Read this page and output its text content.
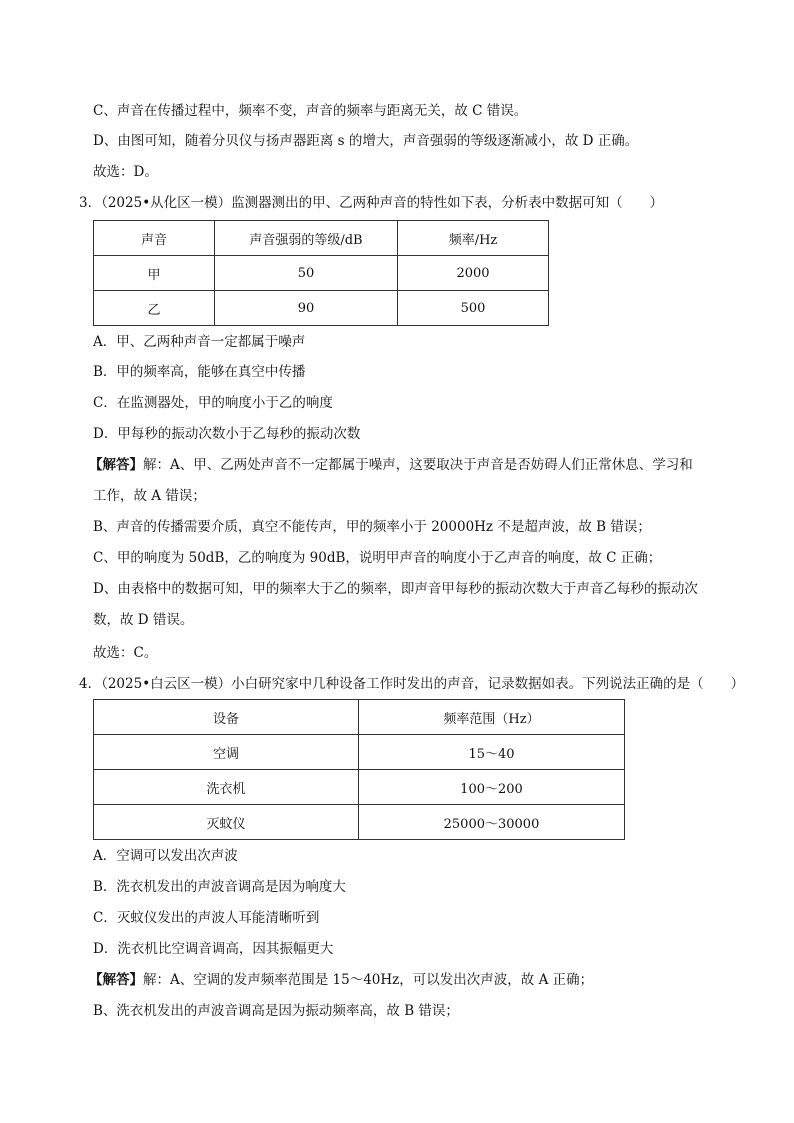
C、声音在传播过程中，频率不变，声音的频率与距离无关，故 C 错误。
D、由图可知，随着分贝仪与扬声器距离 s 的增大，声音强弱的等级逐渐减小，故 D 正确。
故选：D。
3．（2025•从化区一模）监测器测出的甲、乙两种声音的特性如下表，分析表中数据可知（　　）
声音	声音强弱的等级/dB	频率/Hz
甲	50	2000
乙	90	500
A．甲、乙两种声音一定都属于噪声
B．甲的频率高，能够在真空中传播
C．在监测器处，甲的响度小于乙的响度
D．甲每秒的振动次数小于乙每秒的振动次数
【解答】解：A、甲、乙两处声音不一定都属于噪声，这要取决于声音是否妨碍人们正常休息、学习和
工作，故 A 错误；
B、声音的传播需要介质，真空不能传声，甲的频率小于 20000Hz 不是超声波，故 B 错误；
C、甲的响度为 50dB，乙的响度为 90dB，说明甲声音的响度小于乙声音的响度，故 C 正确；
D、由表格中的数据可知，甲的频率大于乙的频率，即声音甲每秒的振动次数大于声音乙每秒的振动次
数，故 D 错误。
故选：C。
4．（2025•白云区一模）小白研究家中几种设备工作时发出的声音，记录数据如表。下列说法正确的是（　　）
设备	频率范围（Hz）
空调	15～40
洗衣机	100～200
灭蚊仪	25000～30000
A．空调可以发出次声波
B．洗衣机发出的声波音调高是因为响度大
C．灭蚊仪发出的声波人耳能清晰听到
D．洗衣机比空调音调高，因其振幅更大
【解答】解：A、空调的发声频率范围是 15～40Hz，可以发出次声波，故 A 正确；
B、洗衣机发出的声波音调高是因为振动频率高，故 B 错误；
